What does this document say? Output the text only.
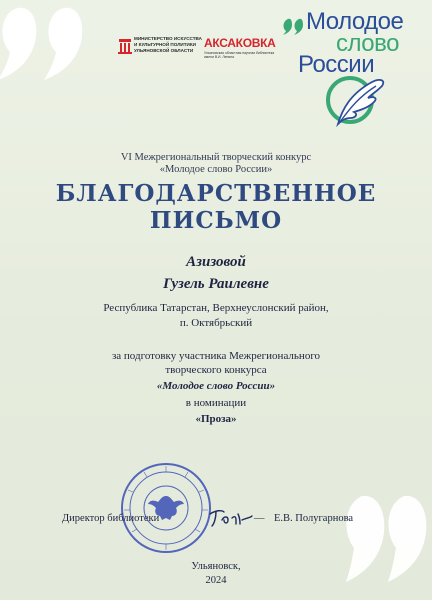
МИНИСТЕРСТВО ИСКУССТВА И КУЛЬТУРНОЙ ПОЛИТИКИ УЛЬЯНОВСКОЙ ОБЛАСТИ
АКСАКОВКА
Ульяновская областная научная библиотека имени В.И. Ленина
Молодое
слово
России
VI Межрегиональный творческий конкурс
«Молодое слово России»
БЛАГОДАРСТВЕННОЕ
ПИСЬМО
Азизовой
Гузель Раилевне
Республика Татарстан, Верхнеуслонский район,
п. Октябрьский
за подготовку участника Межрегионального
творческого конкурса
«Молодое слово России»
в номинации
«Проза»
Директор библиотеки	— Е.В. Полугарнова
Ульяновск,
2024
